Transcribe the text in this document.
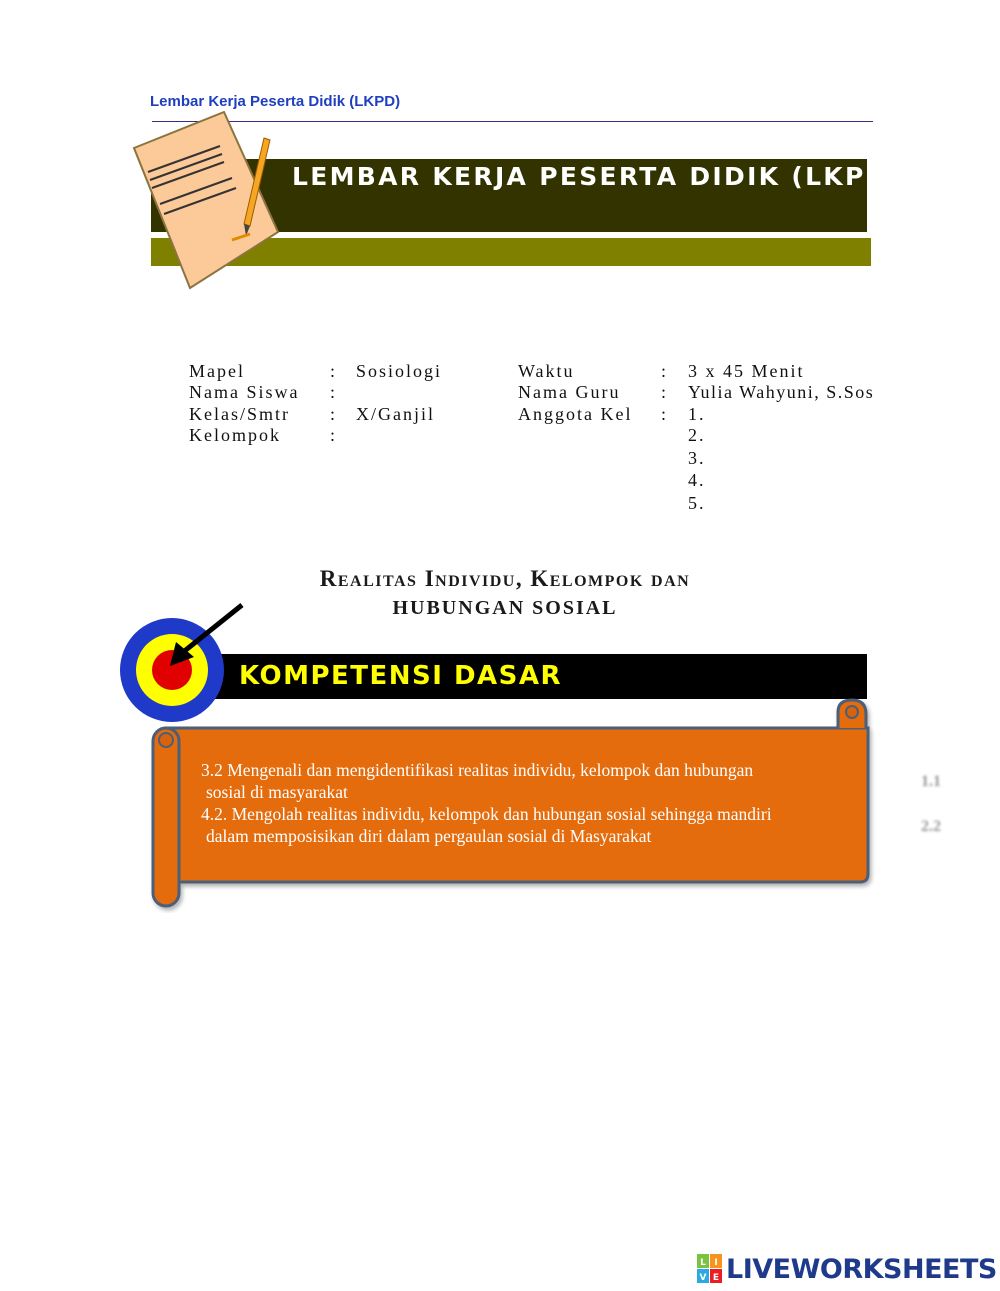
Lembar Kerja Peserta Didik (LKPD)
LEMBAR KERJA PESERTA DIDIK (LKPD)
Mapel	: Sosiologi
Nama Siswa :
Kelas/Smtr : X/Ganjil
Kelompok	:
Waktu	: 3 x 45 Menit
Nama Guru : Yulia Wahyuni, S.Sos
Anggota Kel : 1.
2.
3.
4.
5.
Realitas Individu, Kelompok dan
HUBUNGAN SOSIAL
KOMPETENSI DASAR
3.2 Mengenali dan mengidentifikasi realitas individu, kelompok dan hubungan
sosial di masyarakat
4.2. Mengolah realitas individu, kelompok dan hubungan sosial sehingga mandiri
dalam memposisikan diri dalam pergaulan sosial di Masyarakat
1.1
2.2
L I
V E LIVEWORKSHEETS
